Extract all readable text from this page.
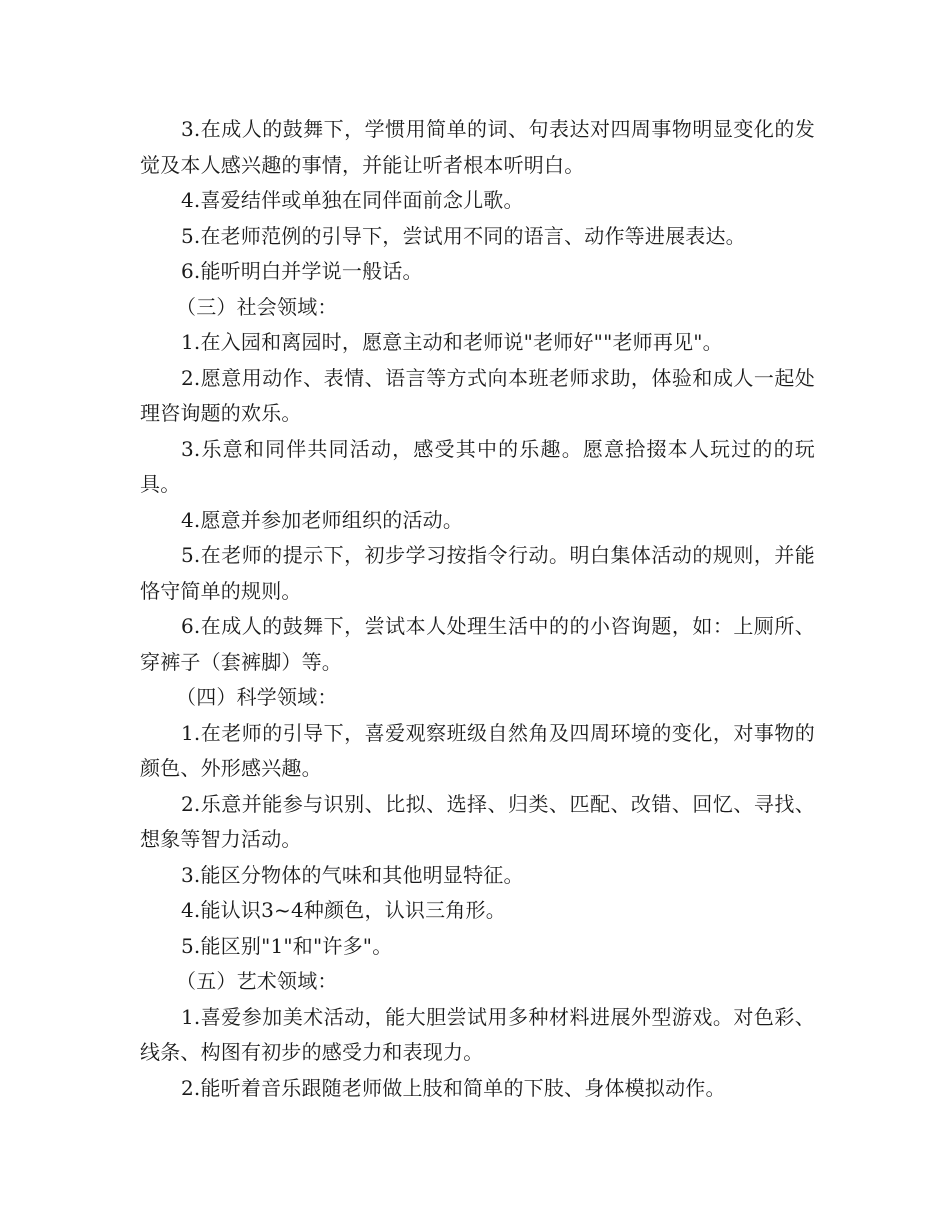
3.在成人的鼓舞下，学惯用简单的词、句表达对四周事物明显变化的发觉及本人感兴趣的事情，并能让听者根本听明白。

4.喜爱结伴或单独在同伴面前念儿歌。

5.在老师范例的引导下，尝试用不同的语言、动作等进展表达。

6.能听明白并学说一般话。

（三）社会领域：

1.在入园和离园时，愿意主动和老师说"老师好""老师再见"。

2.愿意用动作、表情、语言等方式向本班老师求助，体验和成人一起处理咨询题的欢乐。

3.乐意和同伴共同活动，感受其中的乐趣。愿意拾掇本人玩过的的玩具。

4.愿意并参加老师组织的活动。

5.在老师的提示下，初步学习按指令行动。明白集体活动的规则，并能恪守简单的规则。

6.在成人的鼓舞下，尝试本人处理生活中的的小咨询题，如：上厕所、穿裤子（套裤脚）等。

（四）科学领域：

1.在老师的引导下，喜爱观察班级自然角及四周环境的变化，对事物的颜色、外形感兴趣。

2.乐意并能参与识别、比拟、选择、归类、匹配、改错、回忆、寻找、想象等智力活动。

3.能区分物体的气味和其他明显特征。

4.能认识3~4种颜色，认识三角形。

5.能区别"1"和"许多"。

（五）艺术领域：

1.喜爱参加美术活动，能大胆尝试用多种材料进展外型游戏。对色彩、线条、构图有初步的感受力和表现力。

2.能听着音乐跟随老师做上肢和简单的下肢、身体模拟动作。
